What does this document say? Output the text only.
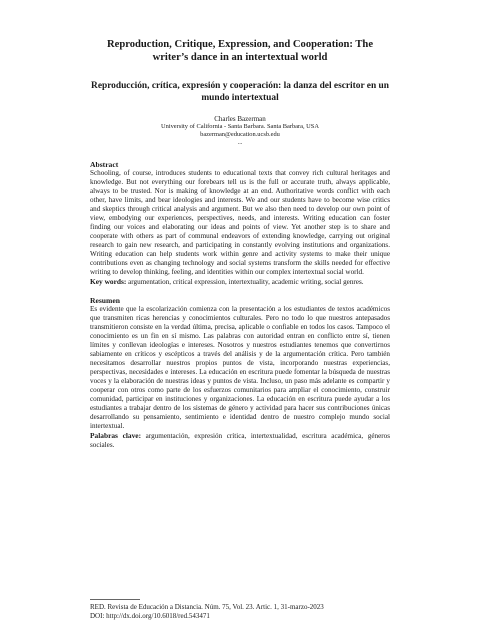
Reproduction, Critique, Expression, and Cooperation: The writer’s dance in an intertextual world
Reproducción, crítica, expresión y cooperación: la danza del escritor en un mundo intertextual
Charles Bazerman
University of California - Santa Barbara. Santa Barbara, USA
bazerman@education.ucsb.edu
...

Abstract

Schooling, of course, introduces students to educational texts that convey rich cultural heritages and knowledge. But not everything our forebears tell us is the full or accurate truth, always applicable, always to be trusted. Nor is making of knowledge at an end. Authoritative words conflict with each other, have limits, and bear ideologies and interests. We and our students have to become wise critics and skeptics through critical analysis and argument. But we also then need to develop our own point of view, embodying our experiences, perspectives, needs, and interests. Writing education can foster finding our voices and elaborating our ideas and points of view. Yet another step is to share and cooperate with others as part of communal endeavors of extending knowledge, carrying out original research to gain new research, and participating in constantly evolving institutions and organizations. Writing education can help students work within genre and activity systems to make their unique contributions even as changing technology and social systems transform the skills needed for effective writing to develop thinking, feeling, and identities within our complex intertextual social world.

Key words: argumentation, critical expression, intertextuality, academic writing, social genres.

Resumen

Es evidente que la escolarización comienza con la presentación a los estudiantes de textos académicos que transmiten ricas herencias y conocimientos culturales. Pero no todo lo que nuestros antepasados transmitieron consiste en la verdad última, precisa, aplicable o confiable en todos los casos. Tampoco el conocimiento es un fin en sí mismo. Las palabras con autoridad entran en conflicto entre sí, tienen límites y conllevan ideologías e intereses. Nosotros y nuestros estudiantes tenemos que convertirnos sabiamente en críticos y escépticos a través del análisis y de la argumentación crítica. Pero también necesitamos desarrollar nuestros propios puntos de vista, incorporando nuestras experiencias, perspectivas, necesidades e intereses. La educación en escritura puede fomentar la búsqueda de nuestras voces y la elaboración de nuestras ideas y puntos de vista. Incluso, un paso más adelante es compartir y cooperar con otros como parte de los esfuerzos comunitarios para ampliar el conocimiento, construir comunidad, participar en instituciones y organizaciones. La educación en escritura puede ayudar a los estudiantes a trabajar dentro de los sistemas de género y actividad para hacer sus contribuciones únicas desarrollando su pensamiento, sentimiento e identidad dentro de nuestro complejo mundo social intertextual.

Palabras clave: argumentación, expresión crítica, intertextualidad, escritura académica, géneros sociales.

RED. Revista de Educación a Distancia. Núm. 75, Vol. 23. Artic. 1, 31-marzo-2023
DOI: http://dx.doi.org/10.6018/red.543471
